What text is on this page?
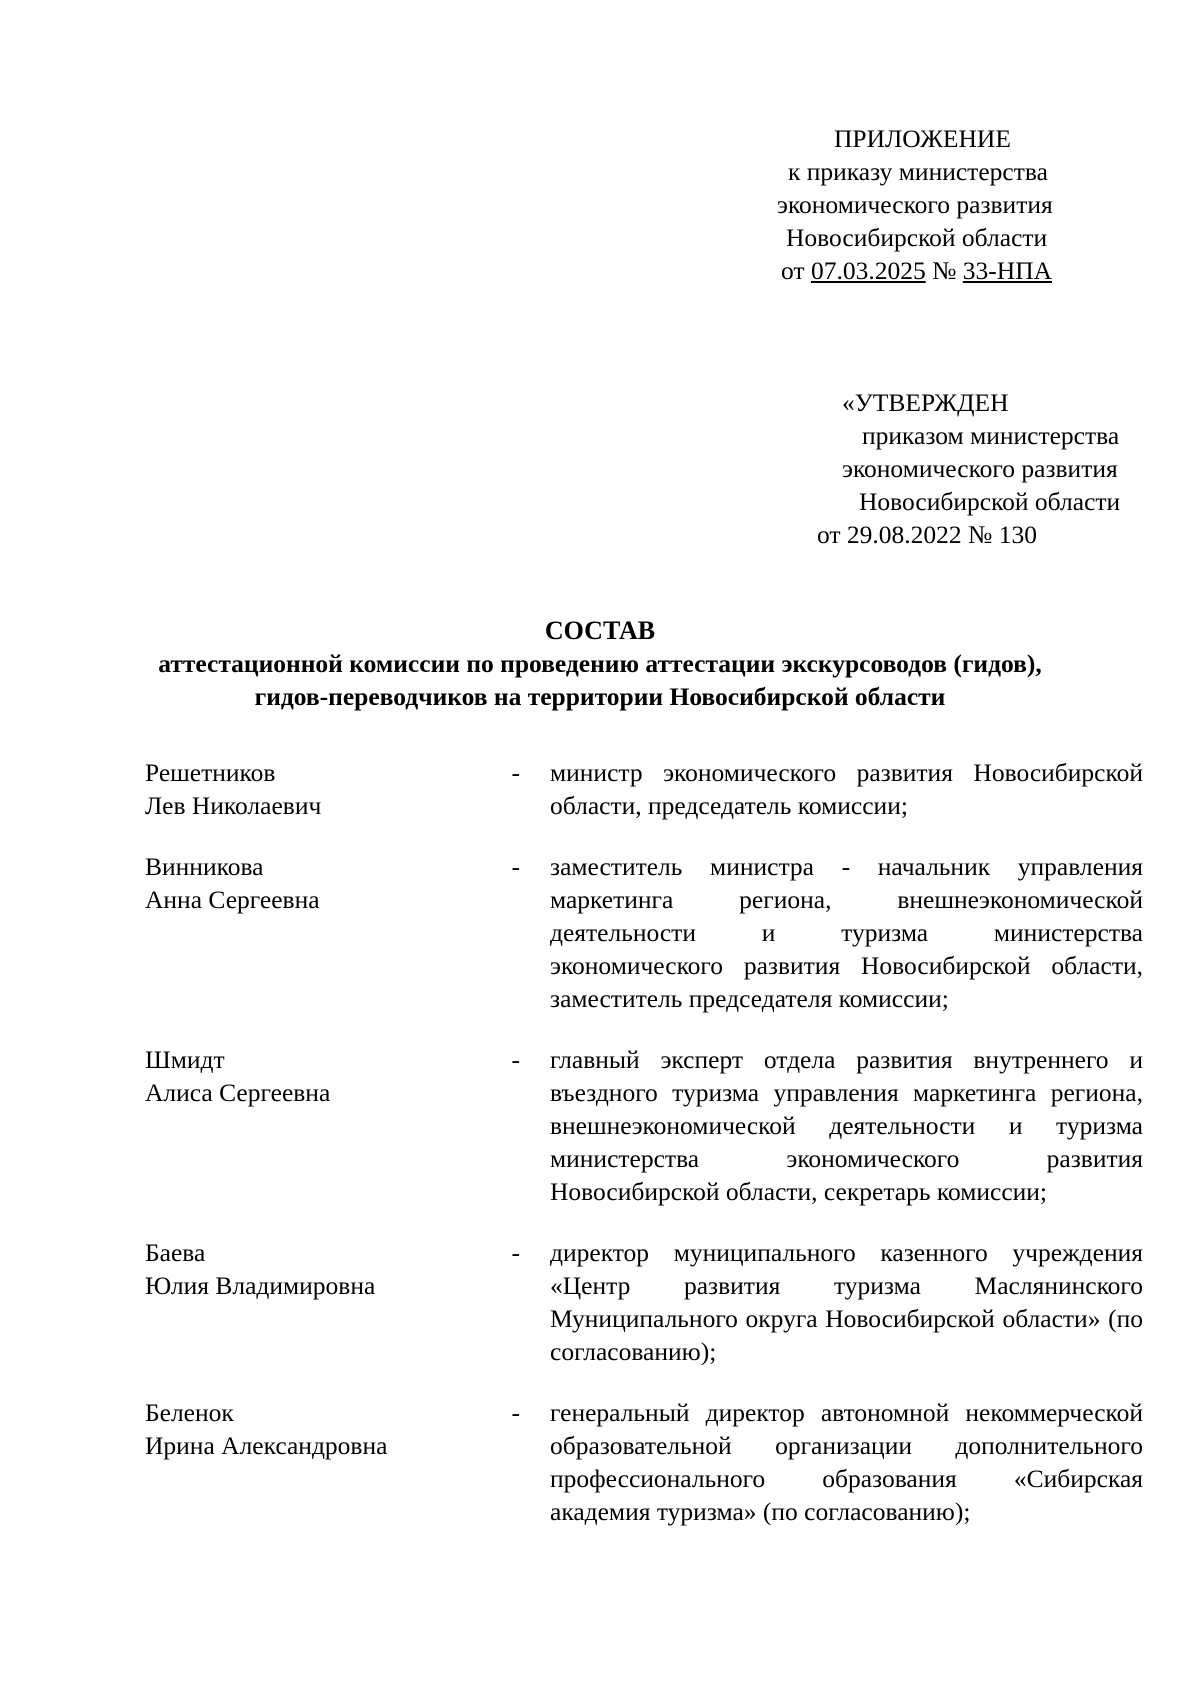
ПРИЛОЖЕНИЕ
к приказу министерства
экономического развития
Новосибирской области
от 07.03.2025 № 33-НПА
«УТВЕРЖДЕН
приказом министерства
экономического развития
Новосибирской области
от 29.08.2022 № 130
СОСТАВ
аттестационной комиссии по проведению аттестации экскурсоводов (гидов),
гидов-переводчиков на территории Новосибирской области
Решетников
Лев Николаевич
-	министр экономического развития Новосибирской области, председатель комиссии;
Винникова
Анна Сергеевна
-	заместитель министра - начальник управления маркетинга региона, внешнеэкономической деятельности и туризма министерства экономического развития Новосибирской области, заместитель председателя комиссии;
Шмидт
Алиса Сергеевна
-	главный эксперт отдела развития внутреннего и въездного туризма управления маркетинга региона, внешнеэкономической деятельности и туризма министерства экономического развития Новосибирской области, секретарь комиссии;
Баева
Юлия Владимировна
-	директор муниципального казенного учреждения «Центр развития туризма Маслянинского Муниципального округа Новосибирской области» (по согласованию);
Беленок
Ирина Александровна
-	генеральный директор автономной некоммерческой образовательной организации дополнительного профессионального образования «Сибирская академия туризма» (по согласованию);
